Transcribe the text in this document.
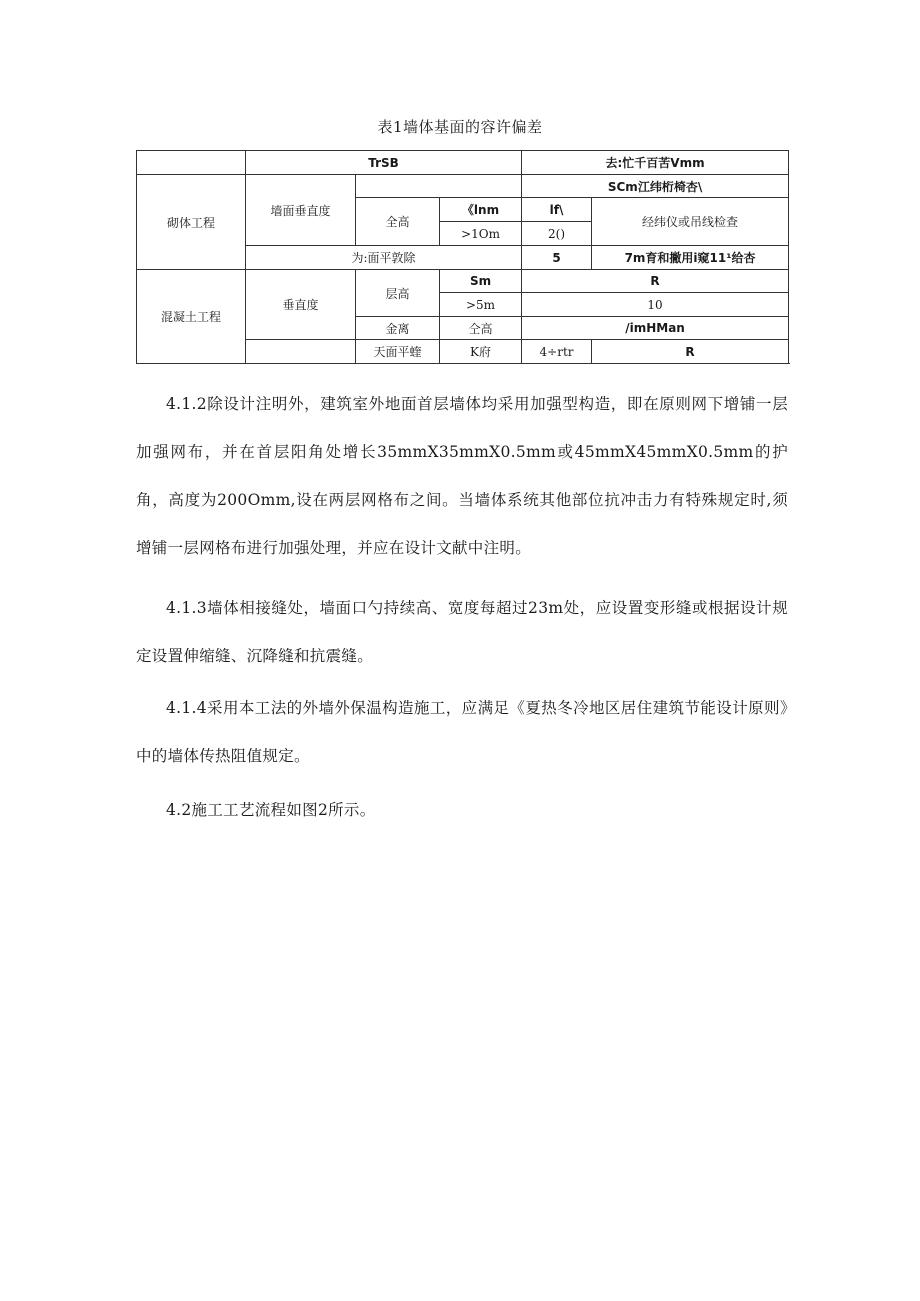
表1墙体基面的容许偏差
	TrSB			去:忙千百苦Vmm	
砌体工程	墙面垂直度			SCm江纬桁椅杏\	
		全高	《lnm	lf\	经纬仪或吊线检查
			>1Om	2()	
	为:面平敦除			5	7m育和撇用i窥11¹给杏
混凝土工程	垂直度	层高	Sm	R	
			>5m	10	
		金离	仝高	/imHMan	
		天面平蝰	K府	4÷rtr	R
4.1.2除设计注明外，建筑室外地面首层墙体均采用加强型构造，即在原则网下增铺一层加强网布，并在首层阳角处增长35mmX35mmX0.5mm或45mmX45mmX0.5mm的护角，高度为200Omm,设在两层网格布之间。当墙体系统其他部位抗冲击力有特殊规定时,须增铺一层网格布进行加强处理，并应在设计文献中注明。
4.1.3墙体相接缝处，墙面口勺持续高、宽度每超过23m处，应设置变形缝或根据设计规定设置伸缩缝、沉降缝和抗震缝。
4.1.4采用本工法的外墙外保温构造施工，应满足《夏热冬冷地区居住建筑节能设计原则》中的墙体传热阻值规定。
4.2施工工艺流程如图2所示。
